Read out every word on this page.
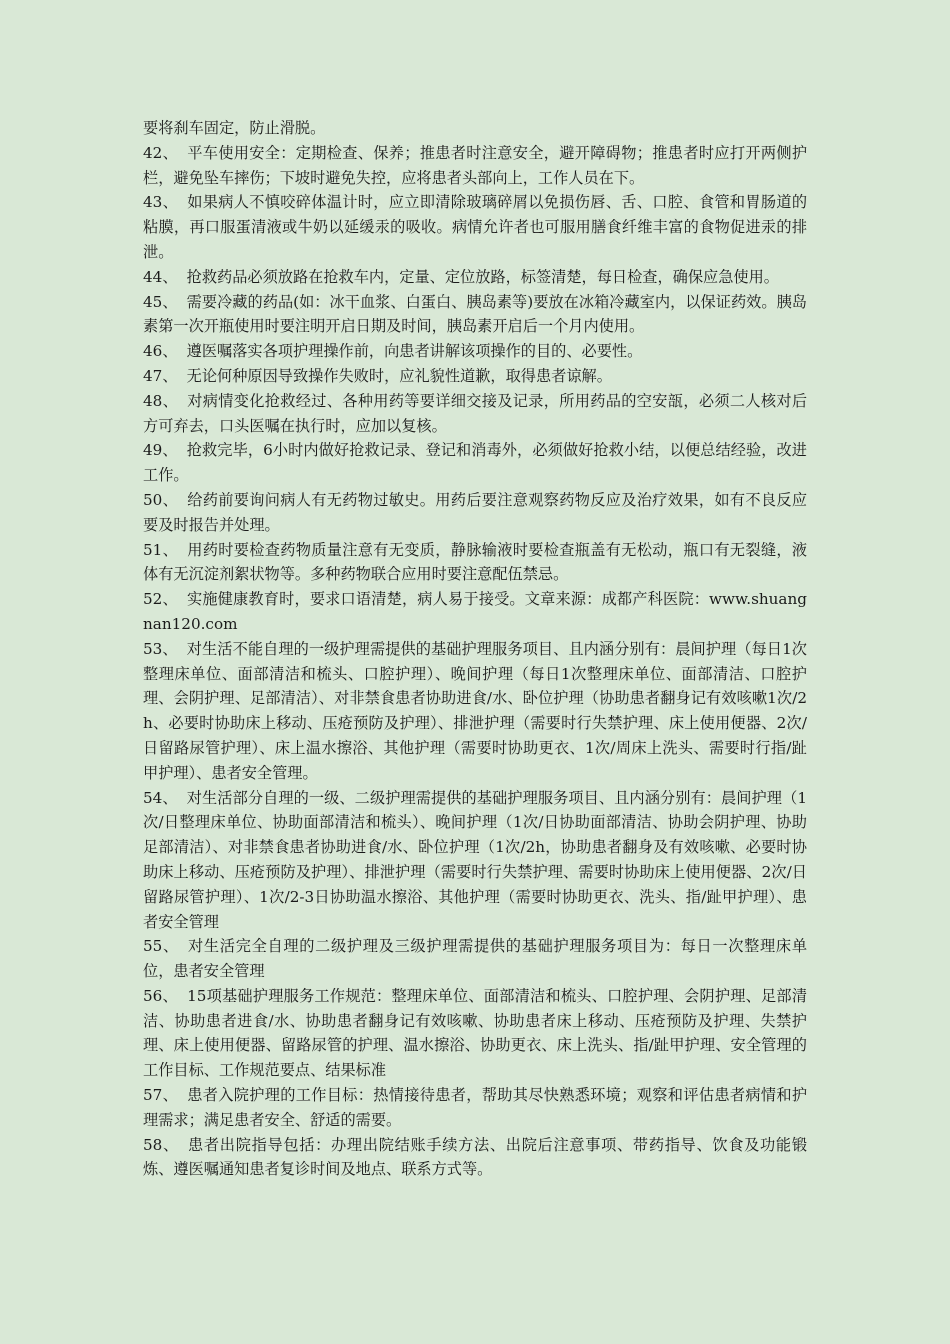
要将刹车固定，防止滑脱。

42、 平车使用安全：定期检查、保养；推患者时注意安全，避开障碍物；推患者时应打开两侧护栏，避免坠车摔伤；下坡时避免失控，应将患者头部向上，工作人员在下。

43、 如果病人不慎咬碎体温计时，应立即清除玻璃碎屑以免损伤唇、舌、口腔、食管和胃肠道的粘膜，再口服蛋清液或牛奶以延缓汞的吸收。病情允许者也可服用膳食纤维丰富的食物促进汞的排泄。

44、 抢救药品必须放路在抢救车内，定量、定位放路，标签清楚，每日检查，确保应急使用。

45、 需要冷藏的药品(如：冰干血浆、白蛋白、胰岛素等)要放在冰箱冷藏室内，以保证药效。胰岛素第一次开瓶使用时要注明开启日期及时间，胰岛素开启后一个月内使用。

46、 遵医嘱落实各项护理操作前，向患者讲解该项操作的目的、必要性。

47、 无论何种原因导致操作失败时，应礼貌性道歉，取得患者谅解。

48、 对病情变化抢救经过、各种用药等要详细交接及记录，所用药品的空安瓿，必须二人核对后方可弃去，口头医嘱在执行时，应加以复核。

49、 抢救完毕，6小时内做好抢救记录、登记和消毒外，必须做好抢救小结，以便总结经验，改进工作。

50、 给药前要询问病人有无药物过敏史。用药后要注意观察药物反应及治疗效果，如有不良反应要及时报告并处理。

51、 用药时要检查药物质量注意有无变质，静脉输液时要检查瓶盖有无松动，瓶口有无裂缝，液体有无沉淀剂絮状物等。多种药物联合应用时要注意配伍禁忌。

52、 实施健康教育时，要求口语清楚，病人易于接受。文章来源：成都产科医院：www.shuangnan120.com

53、 对生活不能自理的一级护理需提供的基础护理服务项目、且内涵分别有：晨间护理（每日1次整理床单位、面部清洁和梳头、口腔护理）、晚间护理（每日1次整理床单位、面部清洁、口腔护理、会阴护理、足部清洁）、对非禁食患者协助进食/水、卧位护理（协助患者翻身记有效咳嗽1次/2h、必要时协助床上移动、压疮预防及护理）、排泄护理（需要时行失禁护理、床上使用便器、2次/日留路尿管护理）、床上温水擦浴、其他护理（需要时协助更衣、1次/周床上洗头、需要时行指/趾甲护理）、患者安全管理。

54、 对生活部分自理的一级、二级护理需提供的基础护理服务项目、且内涵分别有：晨间护理（1次/日整理床单位、协助面部清洁和梳头）、晚间护理（1次/日协助面部清洁、协助会阴护理、协助足部清洁）、对非禁食患者协助进食/水、卧位护理（1次/2h，协助患者翻身及有效咳嗽、必要时协助床上移动、压疮预防及护理）、排泄护理（需要时行失禁护理、需要时协助床上使用便器、2次/日留路尿管护理）、1次/2-3日协助温水擦浴、其他护理（需要时协助更衣、洗头、指/趾甲护理）、患者安全管理

55、 对生活完全自理的二级护理及三级护理需提供的基础护理服务项目为：每日一次整理床单位，患者安全管理

56、 15项基础护理服务工作规范：整理床单位、面部清洁和梳头、口腔护理、会阴护理、足部清洁、协助患者进食/水、协助患者翻身记有效咳嗽、协助患者床上移动、压疮预防及护理、失禁护理、床上使用便器、留路尿管的护理、温水擦浴、协助更衣、床上洗头、指/趾甲护理、安全管理的工作目标、工作规范要点、结果标准

57、 患者入院护理的工作目标：热情接待患者，帮助其尽快熟悉环境；观察和评估患者病情和护理需求；满足患者安全、舒适的需要。

58、 患者出院指导包括：办理出院结账手续方法、出院后注意事项、带药指导、饮食及功能锻炼、遵医嘱通知患者复诊时间及地点、联系方式等。
